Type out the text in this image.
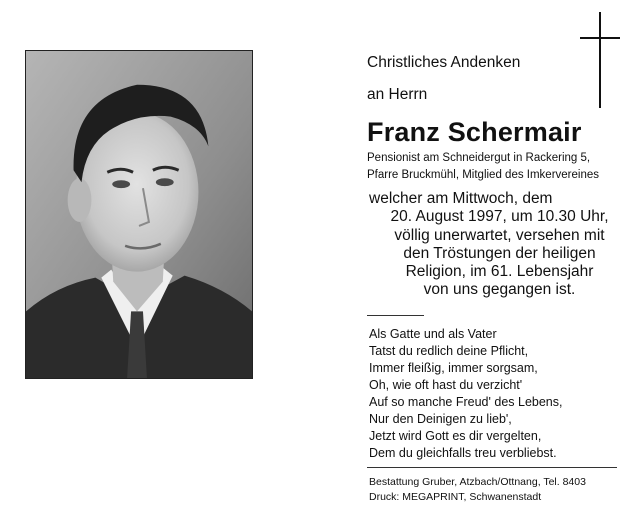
Christliches Andenken
an Herrn
Franz Schermair
Pensionist am Schneidergut in Rackering 5,
Pfarre Bruckmühl, Mitglied des Imkervereines
welcher am Mittwoch, dem
20. August 1997, um 10.30 Uhr,
völlig unerwartet, versehen mit
den Tröstungen der heiligen
Religion, im 61. Lebensjahr
von uns gegangen ist.
Als Gatte und als Vater
Tatst du redlich deine Pflicht,
Immer fleißig, immer sorgsam,
Oh, wie oft hast du verzicht'
Auf so manche Freud' des Lebens,
Nur den Deinigen zu lieb',
Jetzt wird Gott es dir vergelten,
Dem du gleichfalls treu verbliebst.
Bestattung Gruber, Atzbach/Ottnang, Tel. 8403
Druck: MEGAPRINT, Schwanenstadt
